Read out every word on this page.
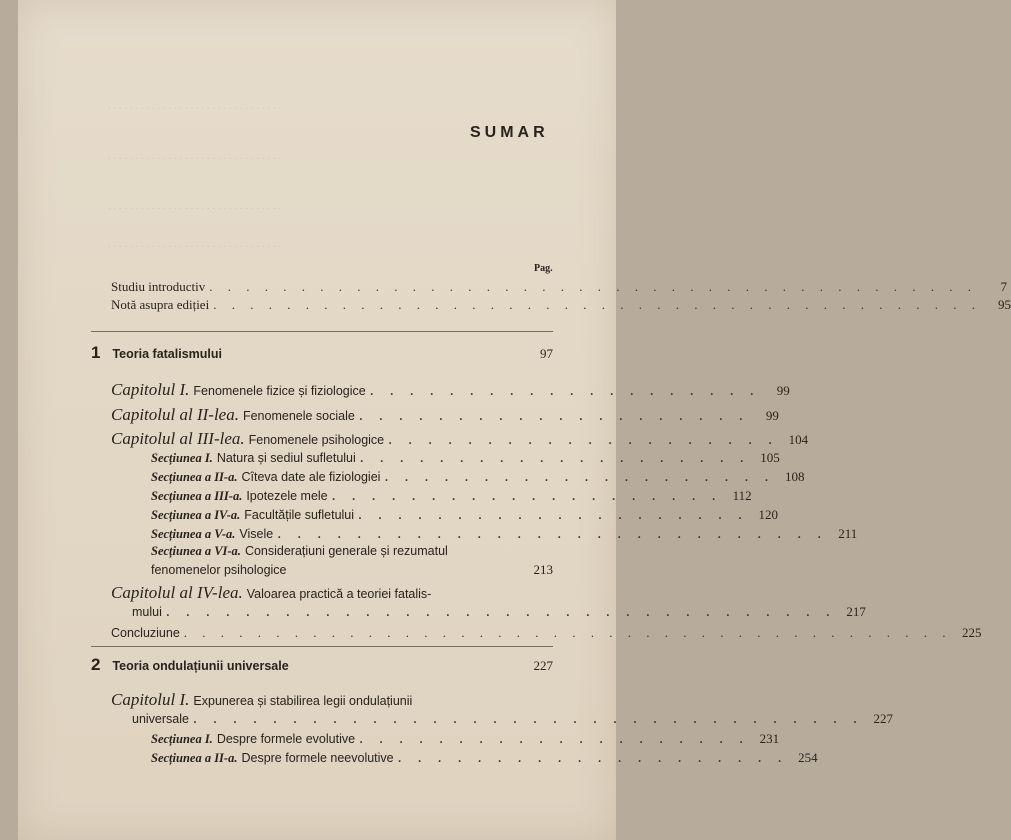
. . . . . . . . . . . . . . . . . . . . . . . . . . . . . . . .
. . . . . . . . . . . . . . . . . . . . . . . . . . . . . . . .
. . . . . . . . . . . . . . . . . . . . . . . . . . . . . . . .
. . . . . . . . . . . . . . . . . . . . . . . . . . . . . . . .
SUMAR
Pag.
Studiu introductiv . . . . . . . . . . . . . . . . . . . . . . . . . . . . . . . . . . . . . . . . . .	7
Notă asupra ediției . . . . . . . . . . . . . . . . . . . . . . . . . . . . . . . . . . . . . . . . . .	95
1 Teoria fatalismului	97
Capitolul I. Fenomenele fizice și fiziologice . . . . . . . . . . . . . . . . . . . .	99
Capitolul al II-lea. Fenomenele sociale . . . . . . . . . . . . . . . . . . . .	99
Capitolul al III-lea. Fenomenele psihologice . . . . . . . . . . . . . . . . . . . . 104
Secțiunea I. Natura și sediul sufletului . . . . . . . . . . . . . . . . . . . . 105
Secțiunea a II-a. Cîteva date ale fiziologiei . . . . . . . . . . . . . . . . . . . . 108
Secțiunea a III-a. Ipotezele mele . . . . . . . . . . . . . . . . . . . . 112
Secțiunea a IV-a. Facultățile sufletului . . . . . . . . . . . . . . . . . . . . 120
Secțiunea a V-a. Visele . . . . . . . . . . . . . . . . . . . . . . . . . . . . 211
Secțiunea a VI-a. Considerațiuni generale și rezumatul
fenomenelor psihologice	213
Capitolul al IV-lea. Valoarea practică a teoriei fatalis-
mului . . . . . . . . . . . . . . . . . . . . . . . . . . . . . . . . . . 217
Concluziune . . . . . . . . . . . . . . . . . . . . . . . . . . . . . . . . . . . . . . . . . . 225
2 Teoria ondulațiunii universale	227
Capitolul I. Expunerea și stabilirea legii ondulațiunii
universale . . . . . . . . . . . . . . . . . . . . . . . . . . . . . . . . . . 227
Secțiunea I. Despre formele evolutive . . . . . . . . . . . . . . . . . . . . 231
Secțiunea a II-a. Despre formele neevolutive . . . . . . . . . . . . . . . . . . . . 254
